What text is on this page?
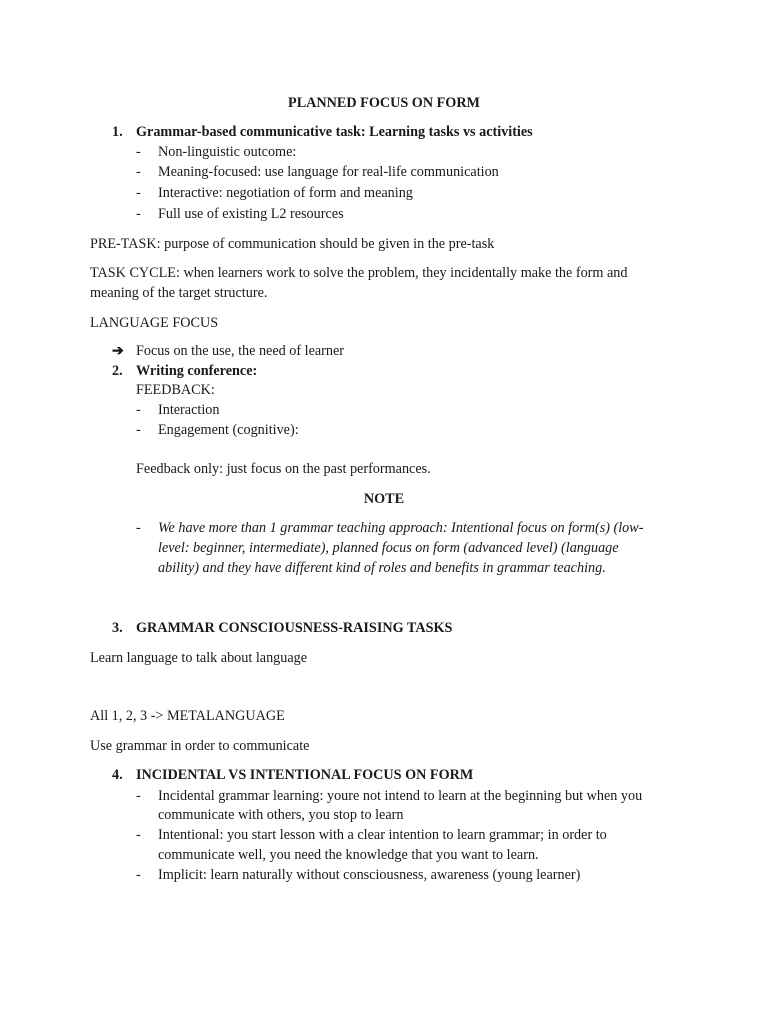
PLANNED FOCUS ON FORM
1. Grammar-based communicative task: Learning tasks vs activities
- Non-linguistic outcome:
- Meaning-focused: use language for real-life communication
- Interactive: negotiation of form and meaning
- Full use of existing L2 resources
PRE-TASK: purpose of communication should be given in the pre-task
TASK CYCLE: when learners work to solve the problem, they incidentally make the form and
meaning of the target structure.
LANGUAGE FOCUS
➔ Focus on the use, the need of learner
2. Writing conference:
FEEDBACK:
- Interaction
- Engagement (cognitive):
Feedback only: just focus on the past performances.
NOTE
- We have more than 1 grammar teaching approach: Intentional focus on form(s) (low-
level: beginner, intermediate), planned focus on form (advanced level) (language
ability) and they have different kind of roles and benefits in grammar teaching.
3. GRAMMAR CONSCIOUSNESS-RAISING TASKS
Learn language to talk about language
All 1, 2, 3 -> METALANGUAGE
Use grammar in order to communicate
4. INCIDENTAL VS INTENTIONAL FOCUS ON FORM
- Incidental grammar learning: youre not intend to learn at the beginning but when you
communicate with others, you stop to learn
- Intentional: you start lesson with a clear intention to learn grammar; in order to
communicate well, you need the knowledge that you want to learn.
- Implicit: learn naturally without consciousness, awareness (young learner)
